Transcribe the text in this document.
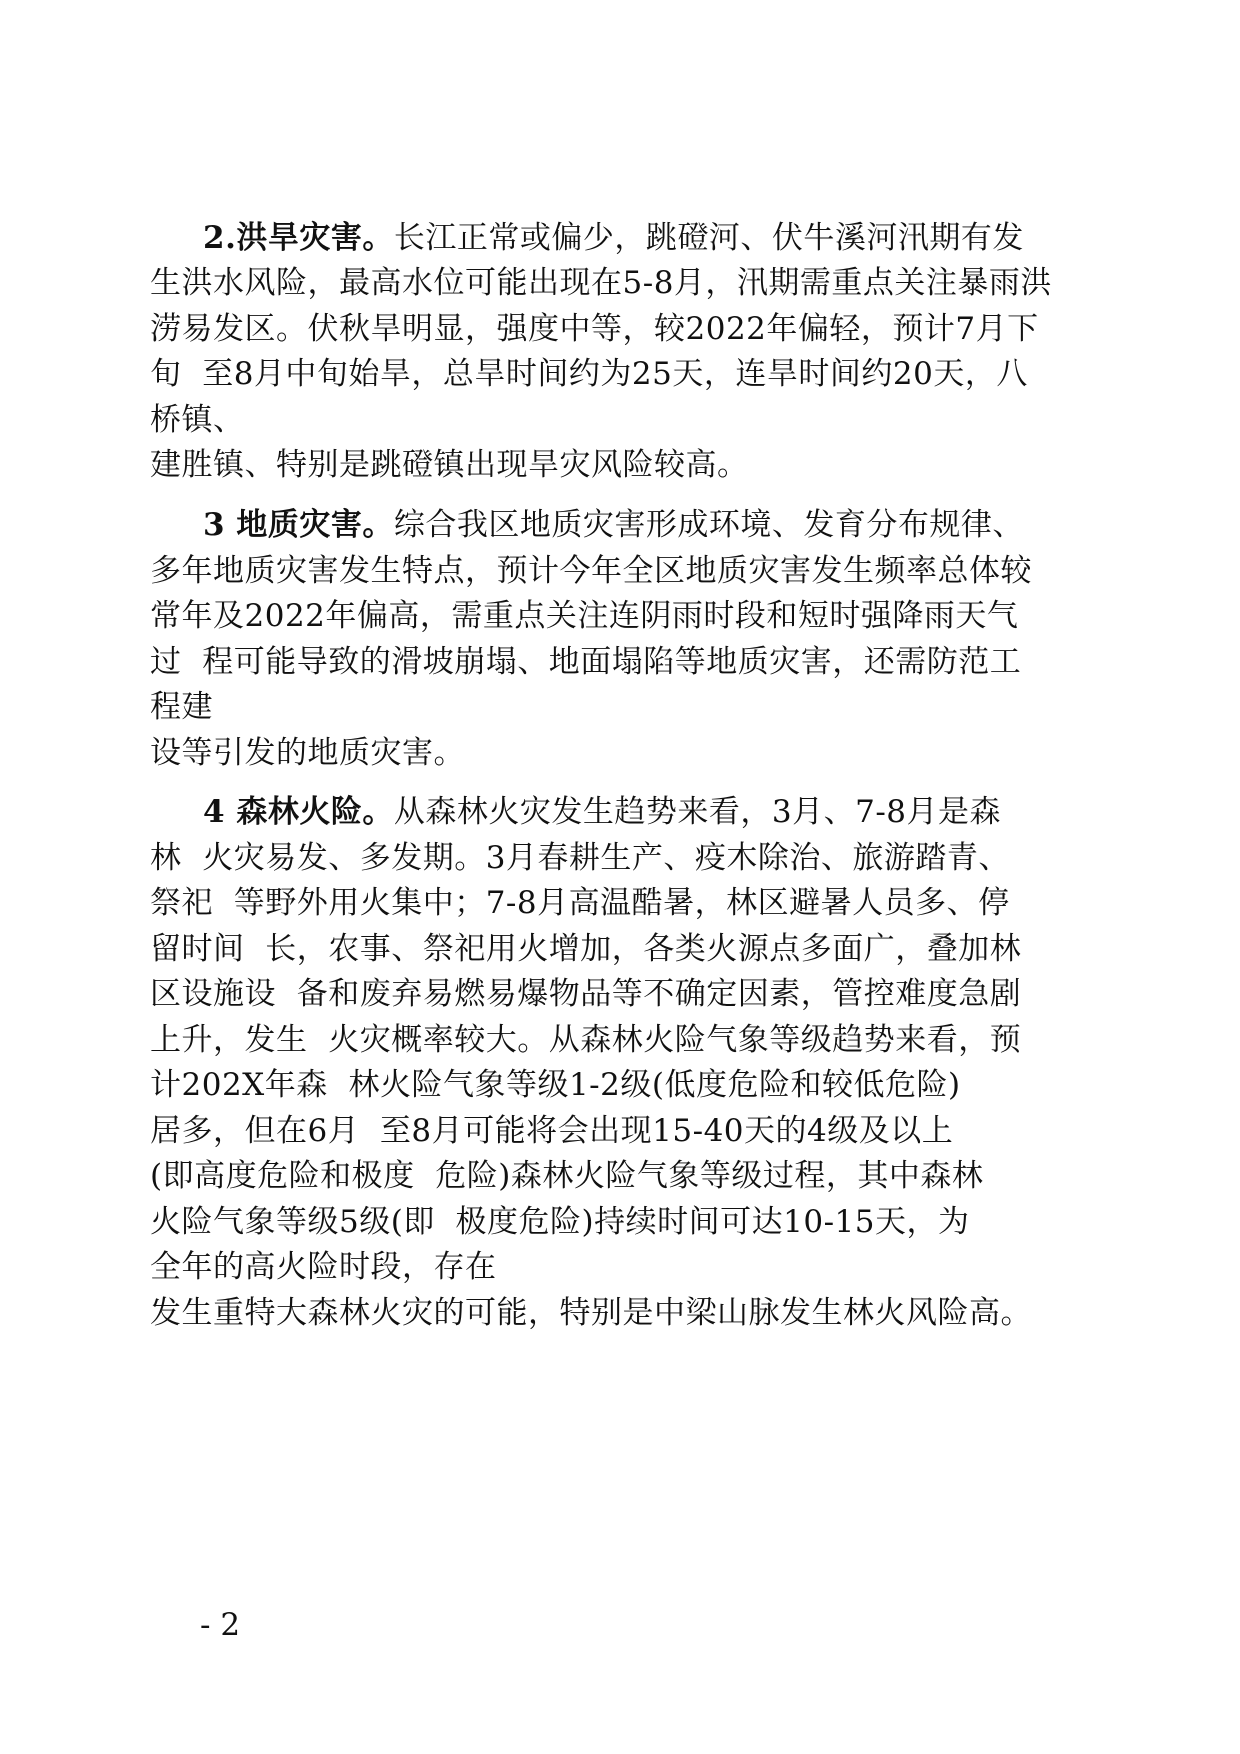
2.洪旱灾害。长江正常或偏少，跳磴河、伏牛溪河汛期有发
生洪水风险，最高水位可能出现在5-8月，汛期需重点关注暴雨洪
涝易发区。伏秋旱明显，强度中等，较2022年偏轻，预计7月下
旬  至8月中旬始旱，总旱时间约为25天，连旱时间约20天，八
桥镇、
建胜镇、特别是跳磴镇出现旱灾风险较高。
3 地质灾害。综合我区地质灾害形成环境、发育分布规律、
多年地质灾害发生特点，预计今年全区地质灾害发生频率总体较
常年及2022年偏高，需重点关注连阴雨时段和短时强降雨天气
过  程可能导致的滑坡崩塌、地面塌陷等地质灾害，还需防范工
程建
设等引发的地质灾害。
4 森林火险。从森林火灾发生趋势来看，3月、7-8月是森
林  火灾易发、多发期。3月春耕生产、疫木除治、旅游踏青、
祭祀  等野外用火集中；7-8月高温酷暑，林区避暑人员多、停
留时间  长，农事、祭祀用火增加，各类火源点多面广，叠加林
区设施设  备和废弃易燃易爆物品等不确定因素，管控难度急剧
上升，发生  火灾概率较大。从森林火险气象等级趋势来看，预
计202X年森  林火险气象等级1-2级(低度危险和较低危险)
居多，但在6月  至8月可能将会出现15-40天的4级及以上
(即高度危险和极度  危险)森林火险气象等级过程，其中森林
火险气象等级5级(即  极度危险)持续时间可达10-15天，为
全年的高火险时段，存在
发生重特大森林火灾的可能，特别是中梁山脉发生林火风险高。
- 2
